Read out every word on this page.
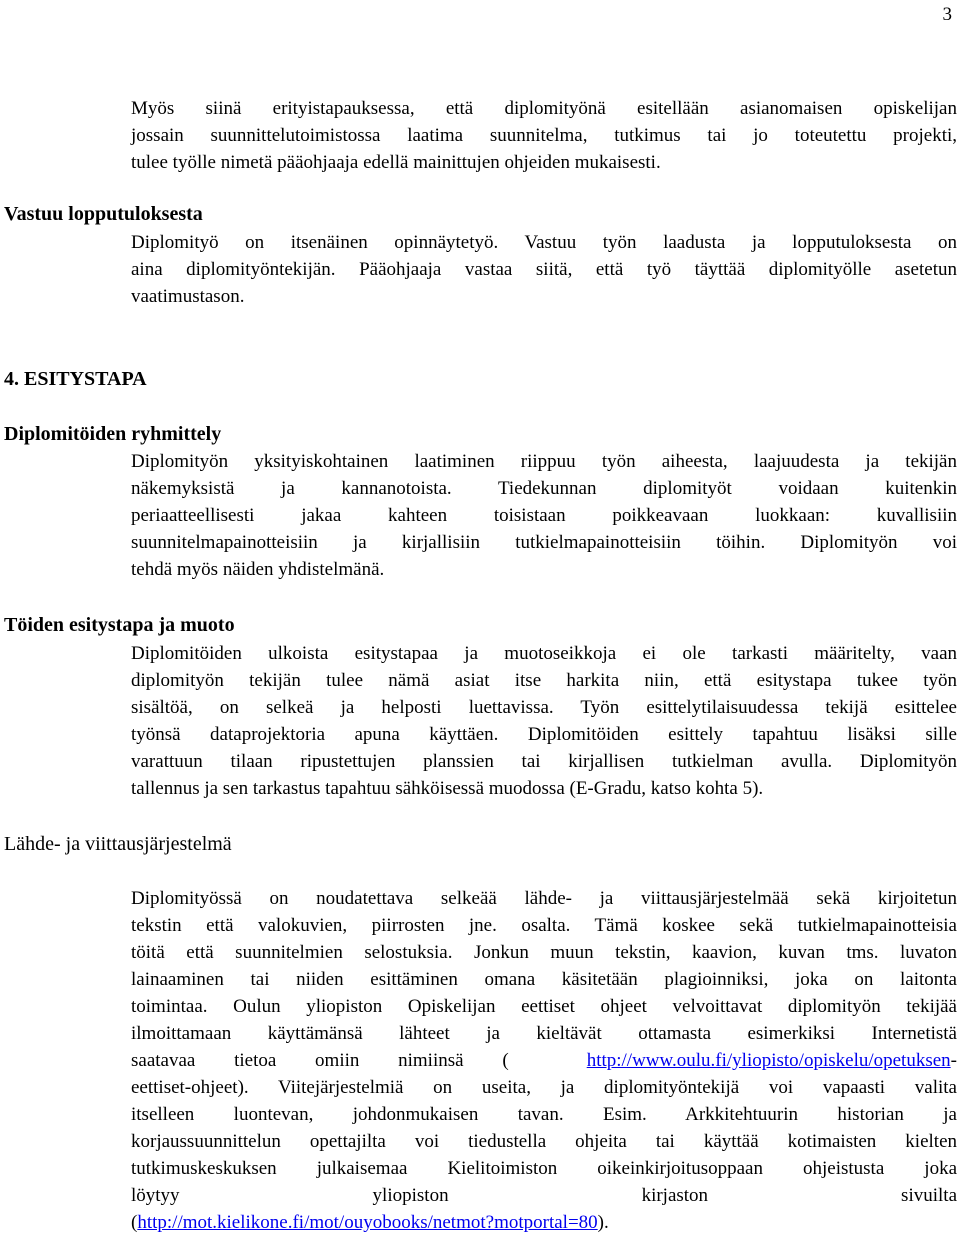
3
Myös siinä erityistapauksessa, että diplomityönä esitellään asianomaisen opiskelijan
jossain suunnittelutoimistossa laatima suunnitelma, tutkimus tai jo toteutettu projekti,
tulee työlle nimetä pääohjaaja edellä mainittujen ohjeiden mukaisesti.
Vastuu lopputuloksesta
Diplomityö on itsenäinen opinnäytetyö. Vastuu työn laadusta ja lopputuloksesta on
aina diplomityöntekijän. Pääohjaaja vastaa siitä, että työ täyttää diplomityölle asetetun
vaatimustason.
4. ESITYSTAPA
Diplomitöiden ryhmittely
Diplomityön yksityiskohtainen laatiminen riippuu työn aiheesta, laajuudesta ja tekijän
näkemyksistä ja kannanotoista. Tiedekunnan diplomityöt voidaan kuitenkin
periaatteellisesti jakaa kahteen toisistaan poikkeavaan luokkaan: kuvallisiin
suunnitelmapainotteisiin ja kirjallisiin tutkielmapainotteisiin töihin. Diplomityön voi
tehdä myös näiden yhdistelmänä.
Töiden esitystapa ja muoto
Diplomitöiden ulkoista esitystapaa ja muotoseikkoja ei ole tarkasti määritelty, vaan
diplomityön tekijän tulee nämä asiat itse harkita niin, että esitystapa tukee työn
sisältöä, on selkeä ja helposti luettavissa. Työn esittelytilaisuudessa tekijä esittelee
työnsä dataprojektoria apuna käyttäen. Diplomitöiden esittely tapahtuu lisäksi sille
varattuun tilaan ripustettujen planssien tai kirjallisen tutkielman avulla. Diplomityön
tallennus ja sen tarkastus tapahtuu sähköisessä muodossa (E-Gradu, katso kohta 5).
Lähde- ja viittausjärjestelmä
Diplomityössä on noudatettava selkeää lähde- ja viittausjärjestelmää sekä kirjoitetun
tekstin että valokuvien, piirrosten jne. osalta. Tämä koskee sekä tutkielmapainotteisia
töitä että suunnitelmien selostuksia. Jonkun muun tekstin, kaavion, kuvan tms. luvaton
lainaaminen tai niiden esittäminen omana käsitetään plagioinniksi, joka on laitonta
toimintaa. Oulun yliopiston Opiskelijan eettiset ohjeet velvoittavat diplomityön tekijää
ilmoittamaan käyttämänsä lähteet ja kieltävät ottamasta esimerkiksi Internetistä
saatavaa tietoa omiin nimiinsä (	http://www.oulu.fi/yliopisto/opiskelu/opetuksen -
eettiset-ohjeet). Viitejärjestelmiä on useita, ja diplomityöntekijä voi vapaasti valita
itselleen luontevan, johdonmukaisen tavan. Esim. Arkkitehtuurin historian ja
korjaussuunnittelun opettajilta voi tiedustella ohjeita tai käyttää kotimaisten kielten
tutkimuskeskuksen julkaisemaa Kielitoimiston oikeinkirjoitusoppaan ohjeistusta joka
löytyy yliopiston kirjaston sivuilta
(http://mot.kielikone.fi/mot/ouyobooks/netmot?motportal=80).
